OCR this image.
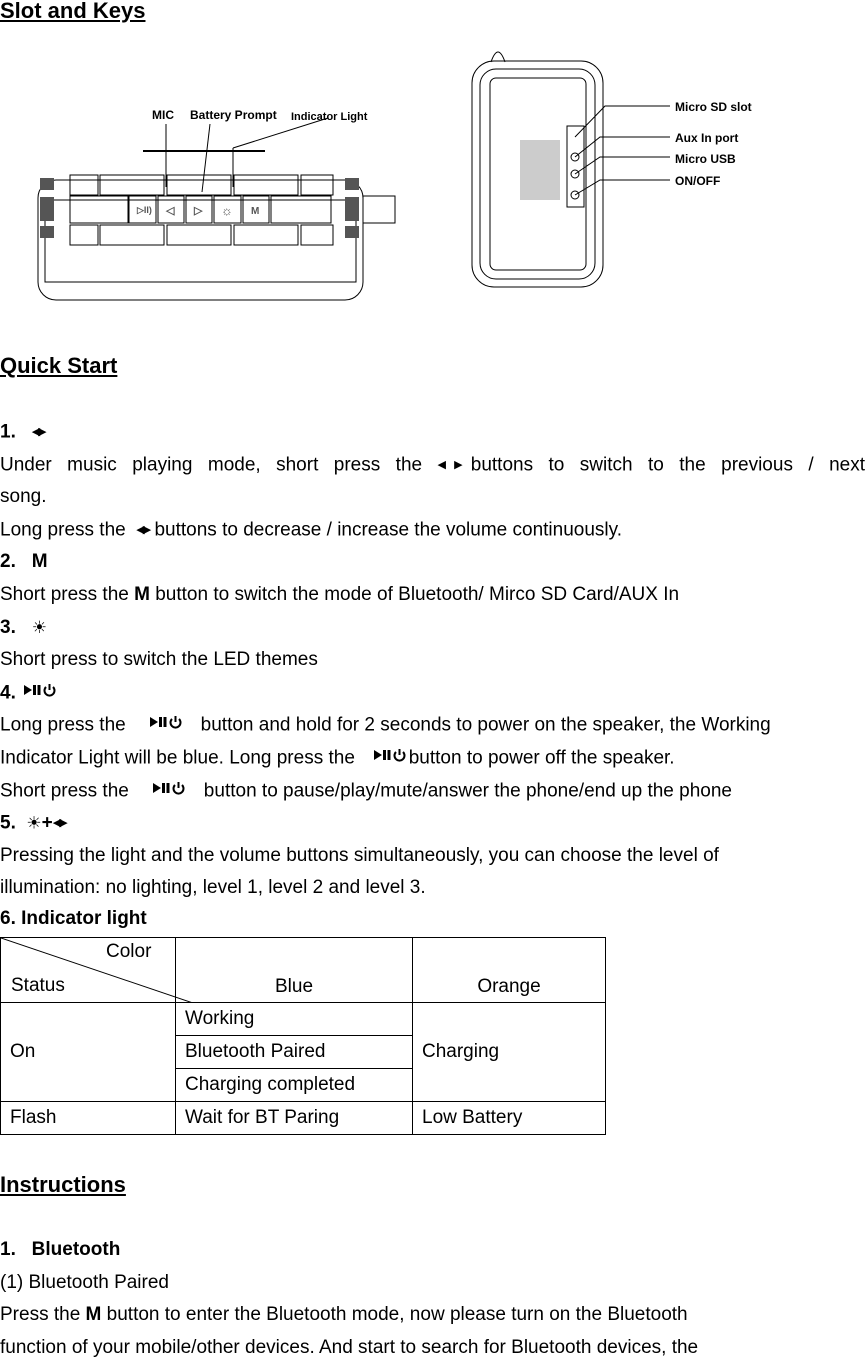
Slot and Keys
▷II) ◁ ▷ ☼ M
MIC Battery Prompt Indicator Light
Micro SD slot
Aux In port
Micro USB
ON/OFF
Quick Start
1. ◀▶
Under music playing mode, short press the ◀▶buttons to switch to the previous / next
song.
Long press the  ◀▶ buttons to decrease / increase the volume continuously.
2. M
Short press the M button to switch the mode of Bluetooth/ Mirco SD Card/AUX In
3. ☀
Short press to switch the LED themes
4.
Long press the	button and hold for 2 seconds to power on the speaker, the Working
Indicator Light will be blue. Long press the	button to power off the speaker.
Short press the	button to pause/play/mute/answer the phone/end up the phone
5. ☀+◀▶
Pressing the light and the volume buttons simultaneously, you can choose the level of
illumination: no lighting, level 1, level 2 and level 3.
6. Indicator light
Color
Status	Blue	Orange
On	Working	Charging
	Bluetooth Paired	
	Charging completed	
Flash	Wait for BT Paring	Low Battery
Instructions
1.   Bluetooth
(1) Bluetooth Paired
Press the M button to enter the Bluetooth mode, now please turn on the Bluetooth
function of your mobile/other devices. And start to search for Bluetooth devices, the
